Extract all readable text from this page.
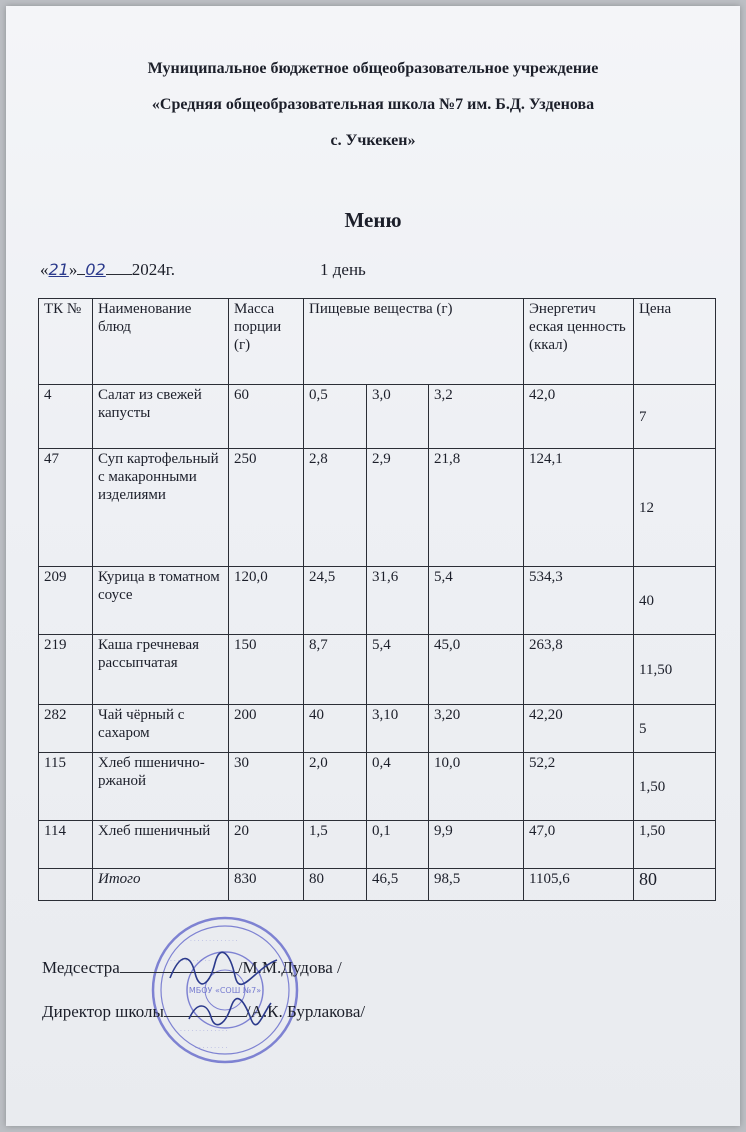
Муниципальное бюджетное общеобразовательное учреждение
«Средняя общеобразовательная школа №7 им. Б.Д. Узденова
с. Учкекен»
Меню
«21» 02 2024г.	1 день
ТК №	Наименование блюд	Масса порции (г)	Пищевые вещества (г)			Энергетич еская ценность (ккал)	Цена
4	Салат из свежей капусты	60	0,5	3,0	3,2	42,0	7
47	Суп картофельный с макаронными изделиями	250	2,8	2,9	21,8	124,1	12
209	Курица в томатном соусе	120,0	24,5	31,6	5,4	534,3	40
219	Каша гречневая рассыпчатая	150	8,7	5,4	45,0	263,8	11,50
282	Чай чёрный с сахаром	200	40	3,10	3,20	42,20	5
115	Хлеб пшенично-ржаной	30	2,0	0,4	10,0	52,2	1,50
114	Хлеб пшеничный	20	1,5	0,1	9,9	47,0	1,50
	Итого	830	80	46,5	98,5	1105,6	80
· · · · · · · · · · · · ·
· · · · · · · · · · ·
· · · · · · · · · · · · ·
· · · · · · · · ·
МБОУ «СОШ №7»
Медсестра	/М.М.Дудова /
Директор школы	/А.К. Бурлакова/
